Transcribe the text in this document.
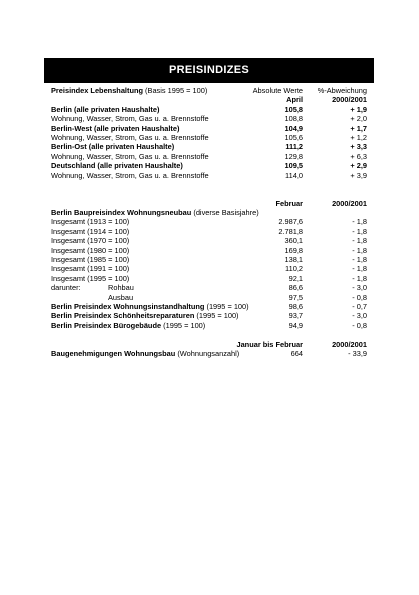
PREISINDIZES
Preisindex Lebenshaltung (Basis 1995 = 100)	Absolute Werte %-Abweichung
April	2000/2001
Berlin (alle privaten Haushalte)	105,8	+ 1,9
Wohnung, Wasser, Strom, Gas u. a. Brennstoffe	108,8	+ 2,0
Berlin-West (alle privaten Haushalte)	104,9	+ 1,7
Wohnung, Wasser, Strom, Gas u. a. Brennstoffe	105,6	+ 1,2
Berlin-Ost (alle privaten Haushalte)	111,2	+ 3,3
Wohnung, Wasser, Strom, Gas u. a. Brennstoffe	129,8	+ 6,3
Deutschland (alle privaten Haushalte)	109,5	+ 2,9
Wohnung, Wasser, Strom, Gas u. a. Brennstoffe	114,0	+ 3,9
Februar	2000/2001
Berlin Baupreisindex Wohnungsneubau (diverse Basisjahre)
Insgesamt (1913 = 100)	2.987,6	- 1,8
Insgesamt (1914 = 100)	2.781,8	- 1,8
Insgesamt (1970 = 100)	360,1	- 1,8
Insgesamt (1980 = 100)	169,8	- 1,8
Insgesamt (1985 = 100)	138,1	- 1,8
Insgesamt (1991 = 100)	110,2	- 1,8
Insgesamt (1995 = 100)	92,1	- 1,8
darunter:	Rohbau	86,6	- 3,0
Ausbau	97,5	- 0,8
Berlin Preisindex Wohnungsinstandhaltung (1995 = 100)	98,6	- 0,7
Berlin Preisindex Schönheitsreparaturen (1995 = 100)	93,7	- 3,0
Berlin Preisindex Bürogebäude (1995 = 100)	94,9	- 0,8
Januar bis Februar	2000/2001
Baugenehmigungen Wohnungsbau (Wohnungsanzahl)	664	- 33,9
